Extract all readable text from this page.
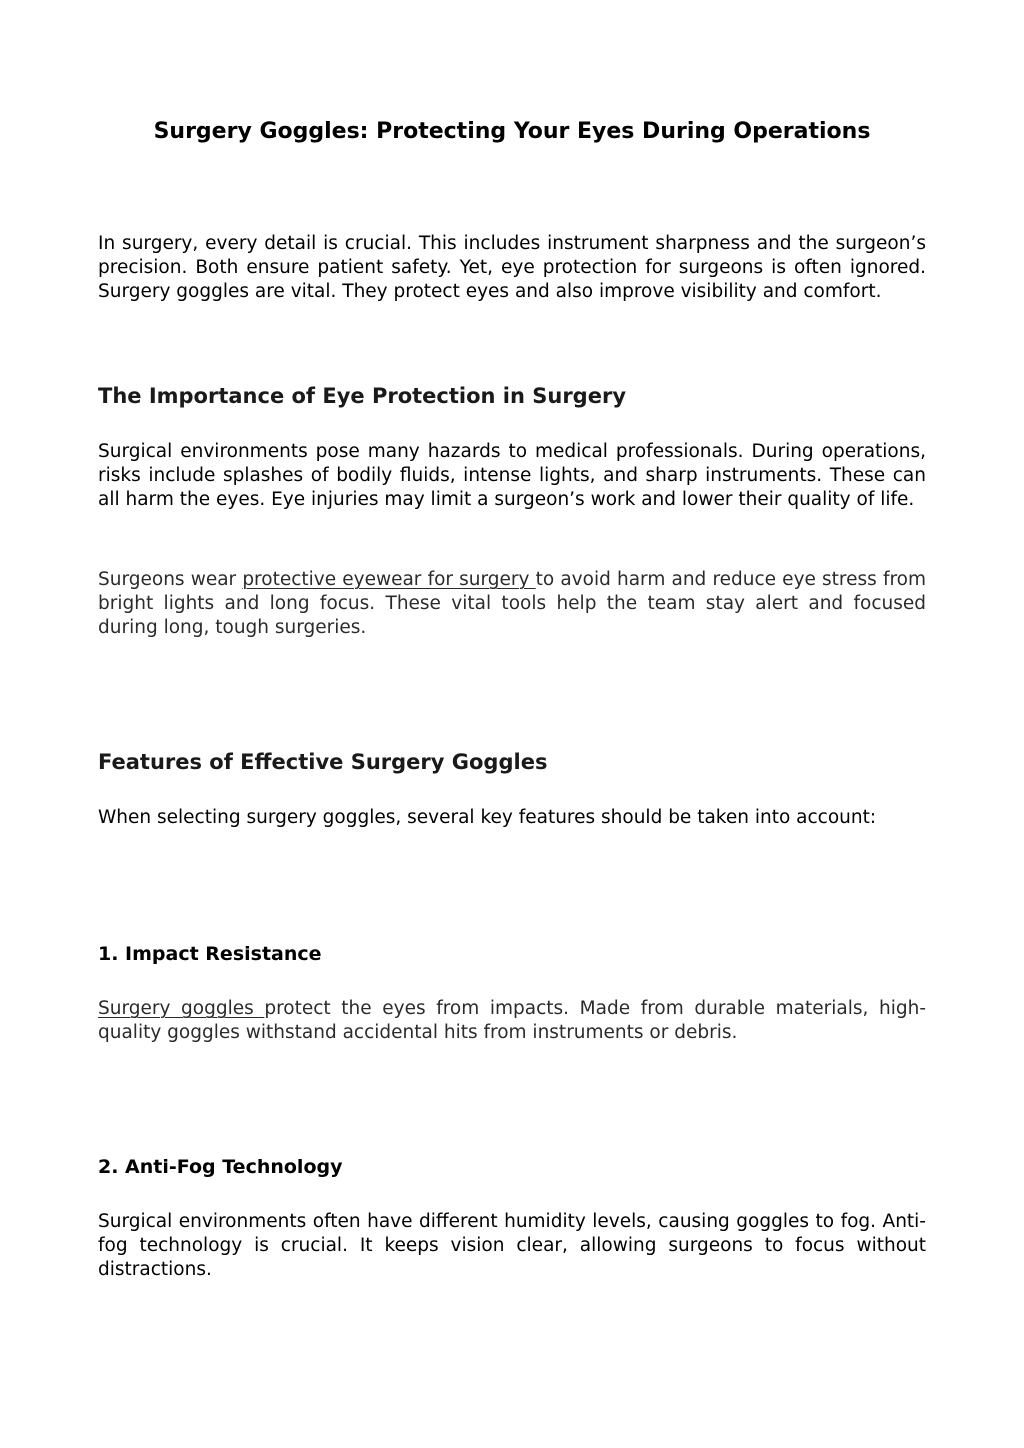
Surgery Goggles: Protecting Your Eyes During Operations

In surgery, every detail is crucial. This includes instrument sharpness and the surgeon’s precision. Both ensure patient safety. Yet, eye protection for surgeons is often ignored. Surgery goggles are vital. They protect eyes and also improve visibility and comfort.

The Importance of Eye Protection in Surgery

Surgical environments pose many hazards to medical professionals. During operations, risks include splashes of bodily fluids, intense lights, and sharp instruments. These can all harm the eyes. Eye injuries may limit a surgeon’s work and lower their quality of life.

Surgeons wear protective eyewear for surgery to avoid harm and reduce eye stress from bright lights and long focus. These vital tools help the team stay alert and focused during long, tough surgeries.

Features of Effective Surgery Goggles

When selecting surgery goggles, several key features should be taken into account:

1. Impact Resistance

Surgery goggles protect the eyes from impacts. Made from durable materials, high-quality goggles withstand accidental hits from instruments or debris.

2. Anti-Fog Technology

Surgical environments often have different humidity levels, causing goggles to fog. Anti-fog technology is crucial. It keeps vision clear, allowing surgeons to focus without distractions.
